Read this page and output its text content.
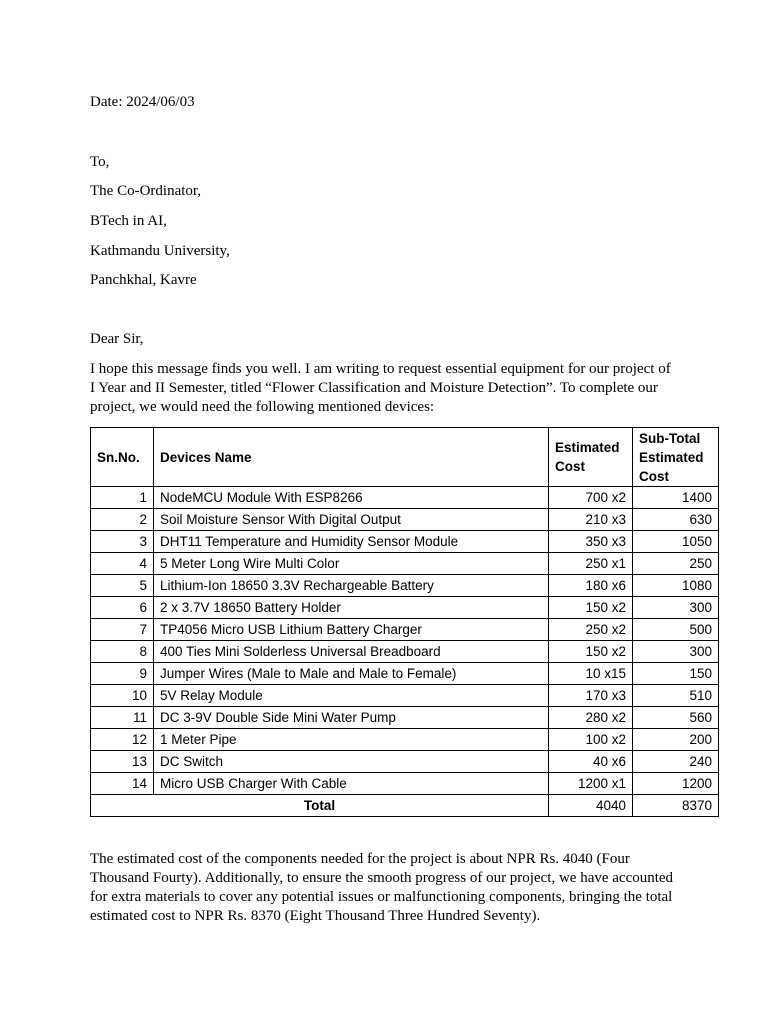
Date: 2024/06/03
To,
The Co-Ordinator,
BTech in AI,
Kathmandu University,
Panchkhal, Kavre
Dear Sir,
I hope this message finds you well. I am writing to request essential equipment for our project of
I Year and II Semester, titled “Flower Classification and Moisture Detection”. To complete our
project, we would need the following mentioned devices:
Sn.No.	Devices Name	Estimated Cost	Sub-Total Estimated Cost
1	NodeMCU Module With ESP8266	700 x2	1400
2	Soil Moisture Sensor With Digital Output	210 x3	630
3	DHT11 Temperature and Humidity Sensor Module	350 x3	1050
4	5 Meter Long Wire Multi Color	250 x1	250
5	Lithium-Ion 18650 3.3V Rechargeable Battery	180 x6	1080
6	2 x 3.7V 18650 Battery Holder	150 x2	300
7	TP4056 Micro USB Lithium Battery Charger	250 x2	500
8	400 Ties Mini Solderless Universal Breadboard	150 x2	300
9	Jumper Wires (Male to Male and Male to Female)	10 x15	150
10	5V Relay Module	170 x3	510
11	DC 3-9V Double Side Mini Water Pump	280 x2	560
12	1 Meter Pipe	100 x2	200
13	DC Switch	40 x6	240
14	Micro USB Charger With Cable	1200 x1	1200
Total		4040	8370
The estimated cost of the components needed for the project is about NPR Rs. 4040 (Four
Thousand Fourty). Additionally, to ensure the smooth progress of our project, we have accounted
for extra materials to cover any potential issues or malfunctioning components, bringing the total
estimated cost to NPR Rs. 8370 (Eight Thousand Three Hundred Seventy).
